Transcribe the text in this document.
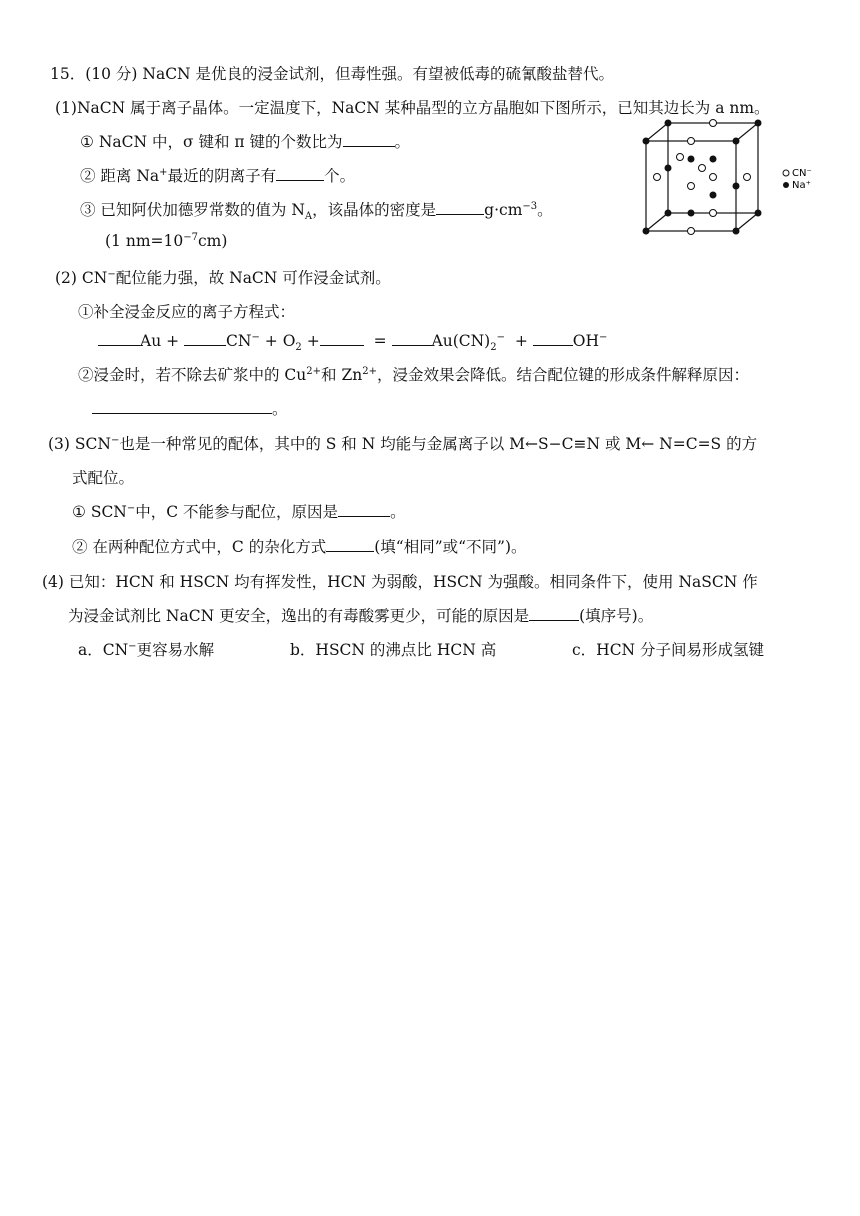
15．(10 分) NaCN 是优良的浸金试剂，但毒性强。有望被低毒的硫氰酸盐替代。
(1)NaCN 属于离子晶体。一定温度下，NaCN 某种晶型的立方晶胞如下图所示，已知其边长为 a nm。
① NaCN 中，σ 键和 π 键的个数比为	。
② 距离 Na+最近的阴离子有	个。
③ 已知阿伏加德罗常数的值为 $N_A$，该晶体的密度是	$g\cdot cm^{-3}$。
(1 $nm=10^{-7}cm$)
CN⁻
Na⁺
(2) CN−配位能力强，故 NaCN 可作浸金试剂。
①补全浸金反应的离子方程式：
Au +	$CN^- + O_2$ +	=	$Au(CN)_2^-$ +	OH−
②浸金时，若不除去矿浆中的 $Cu^{2+}$和 $Zn^{2+}$，浸金效果会降低。结合配位键的形成条件解释原因：
。
(3) SCN−也是一种常见的配体，其中的 S 和 N 均能与金属离子以 M←S−C≡N 或 M← N=C=S 的方
式配位。
① SCN−中，C 不能参与配位，原因是	。
② 在两种配位方式中，C 的杂化方式	(填“相同”或“不同”)。
(4) 已知：HCN 和 HSCN 均有挥发性，HCN 为弱酸，HSCN 为强酸。相同条件下，使用 NaSCN 作
为浸金试剂比 NaCN 更安全，逸出的有毒酸雾更少，可能的原因是	(填序号)。
a．CN−更容易水解	b．HSCN 的沸点比 HCN 高	c．HCN 分子间易形成氢键
